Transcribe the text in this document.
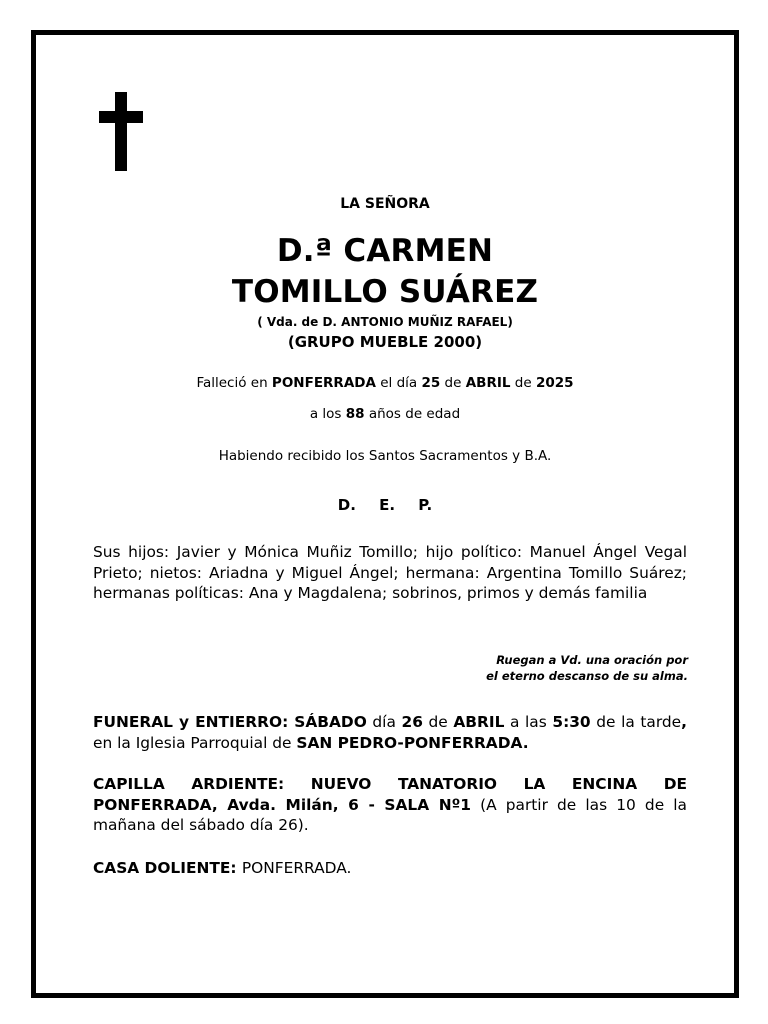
LA SEÑORA
D.ª CARMEN
TOMILLO SUÁREZ
( Vda. de D. ANTONIO MUÑIZ RAFAEL)
(GRUPO MUEBLE 2000)
Falleció en PONFERRADA el día 25 de ABRIL de 2025
a los 88 años de edad
Habiendo recibido los Santos Sacramentos y B.A.
D. E. P.
Sus hijos: Javier y Mónica Muñiz Tomillo; hijo político: Manuel Ángel Vegal Prieto; nietos: Ariadna y Miguel Ángel; hermana: Argentina Tomillo Suárez; hermanas políticas: Ana y Magdalena; sobrinos, primos y demás familia
Ruegan a Vd. una oración por
el eterno descanso de su alma.
FUNERAL y ENTIERRO: SÁBADO día 26 de ABRIL a las 5:30 de la tarde, en la Iglesia Parroquial de SAN PEDRO-PONFERRADA.
CAPILLA ARDIENTE: NUEVO TANATORIO LA ENCINA DE PONFERRADA, Avda. Milán, 6 - SALA Nº1 (A partir de las 10 de la mañana del sábado día 26).
CASA DOLIENTE: PONFERRADA.
